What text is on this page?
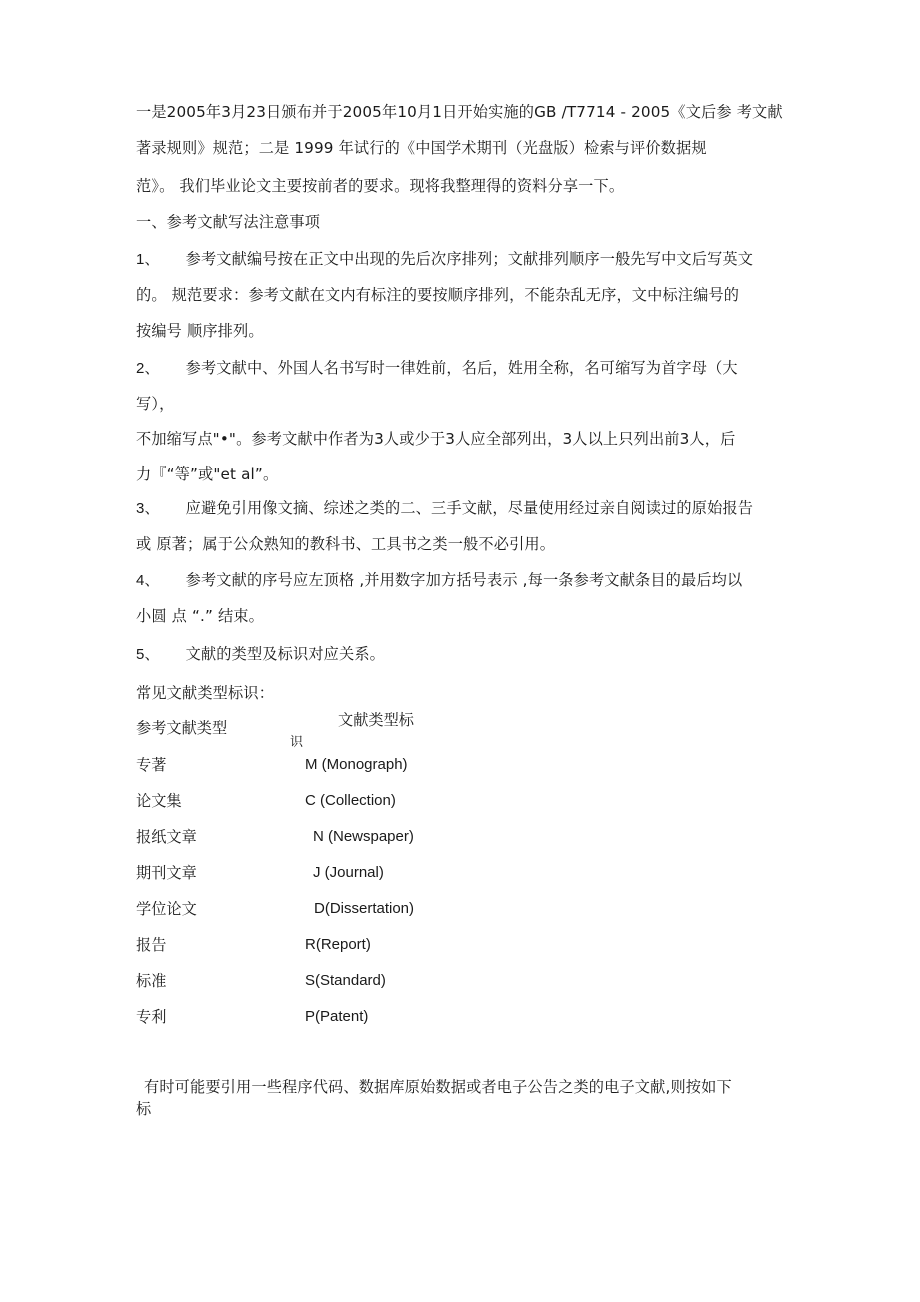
一是2005年3月23日颁布并于2005年10月1日开始实施的GB /T7714 - 2005《文后参 考文献
著录规则》规范；二是 1999 年试行的《中国学术期刊（光盘版）检索与评价数据规
范》。 我们毕业论文主要按前者的要求。现将我整理得的资料分享一下。
一、参考文献写法注意事项
1、 参考文献编号按在正文中出现的先后次序排列；文献排列顺序一般先写中文后写英文
的。 规范要求：参考文献在文内有标注的要按顺序排列，不能杂乱无序，文中标注编号的
按编号 顺序排列。
2、 参考文献中、外国人名书写时一律姓前，名后，姓用全称，名可缩写为首字母（大
写），
不加缩写点"•"。参考文献中作者为3人或少于3人应全部列出，3人以上只列出前3人，后
力『“等”或"et al”。
3、 应避免引用像文摘、综述之类的二、三手文献，尽量使用经过亲自阅读过的原始报告
或 原著；属于公众熟知的教科书、工具书之类一般不必引用。
4、 参考文献的序号应左顶格 ,并用数字加方括号表示 ,每一条参考文献条目的最后均以
小圆 点 “.” 结束。
5、 文献的类型及标识对应关系。
常见文献类型标识：
参考文献类型	文献类型标
识
专著	M (Monograph)
论文集	C (Collection)
报纸文章	N (Newspaper)
期刊文章	J (Journal)
学位论文	D(Dissertation)
报告	R(Report)
标准	S(Standard)
专利	P(Patent)
有时可能要引用一些程序代码、数据库原始数据或者电子公告之类的电子文献,则按如下
标
